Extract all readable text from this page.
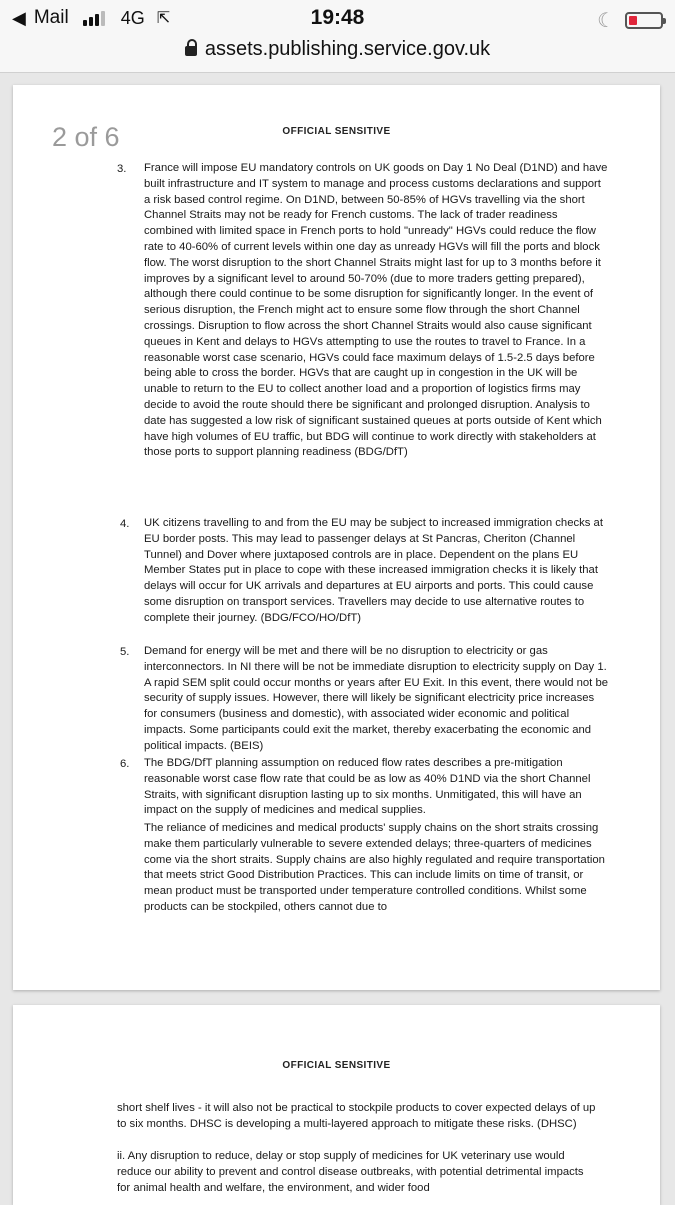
◀ Mail	4G ⇱	19:48	☾
assets.publishing.service.gov.uk
OFFICIAL SENSITIVE
3. France will impose EU mandatory controls on UK goods on Day 1 No Deal (D1ND) and have built infrastructure and IT system to manage and process customs declarations and support a risk based control regime. On D1ND, between 50-85% of HGVs travelling via the short Channel Straits may not be ready for French customs. The lack of trader readiness combined with limited space in French ports to hold "unready" HGVs could reduce the flow rate to 40-60% of current levels within one day as unready HGVs will fill the ports and block flow. The worst disruption to the short Channel Straits might last for up to 3 months before it improves by a significant level to around 50-70% (due to more traders getting prepared), although there could continue to be some disruption for significantly longer. In the event of serious disruption, the French might act to ensure some flow through the short Channel crossings. Disruption to flow across the short Channel Straits would also cause significant queues in Kent and delays to HGVs attempting to use the routes to travel to France. In a reasonable worst case scenario, HGVs could face maximum delays of 1.5-2.5 days before being able to cross the border. HGVs that are caught up in congestion in the UK will be unable to return to the EU to collect another load and a proportion of logistics firms may decide to avoid the route should there be significant and prolonged disruption. Analysis to date has suggested a low risk of significant sustained queues at ports outside of Kent which have high volumes of EU traffic, but BDG will continue to work directly with stakeholders at those ports to support planning readiness (BDG/DfT)
4. UK citizens travelling to and from the EU may be subject to increased immigration checks at EU border posts. This may lead to passenger delays at St Pancras, Cheriton (Channel Tunnel) and Dover where juxtaposed controls are in place. Dependent on the plans EU Member States put in place to cope with these increased immigration checks it is likely that delays will occur for UK arrivals and departures at EU airports and ports. This could cause some disruption on transport services. Travellers may decide to use alternative routes to complete their journey. (BDG/FCO/HO/DfT)
5. Demand for energy will be met and there will be no disruption to electricity or gas interconnectors. In NI there will be not be immediate disruption to electricity supply on Day 1. A rapid SEM split could occur months or years after EU Exit. In this event, there would not be security of supply issues. However, there will likely be significant electricity price increases for consumers (business and domestic), with associated wider economic and political impacts. Some participants could exit the market, thereby exacerbating the economic and political impacts. (BEIS)
6. The BDG/DfT planning assumption on reduced flow rates describes a pre-mitigation reasonable worst case flow rate that could be as low as 40% D1ND via the short Channel Straits, with significant disruption lasting up to six months. Unmitigated, this will have an impact on the supply of medicines and medical supplies.
The reliance of medicines and medical products' supply chains on the short straits crossing make them particularly vulnerable to severe extended delays; three-quarters of medicines come via the short straits. Supply chains are also highly regulated and require transportation that meets strict Good Distribution Practices. This can include limits on time of transit, or mean product must be transported under temperature controlled conditions. Whilst some products can be stockpiled, others cannot due to
2 of 6
OFFICIAL SENSITIVE
short shelf lives - it will also not be practical to stockpile products to cover expected delays of up to six months. DHSC is developing a multi-layered approach to mitigate these risks. (DHSC)
ii. Any disruption to reduce, delay or stop supply of medicines for UK veterinary use would reduce our ability to prevent and control disease outbreaks, with potential detrimental impacts for animal health and welfare, the environment, and wider food
